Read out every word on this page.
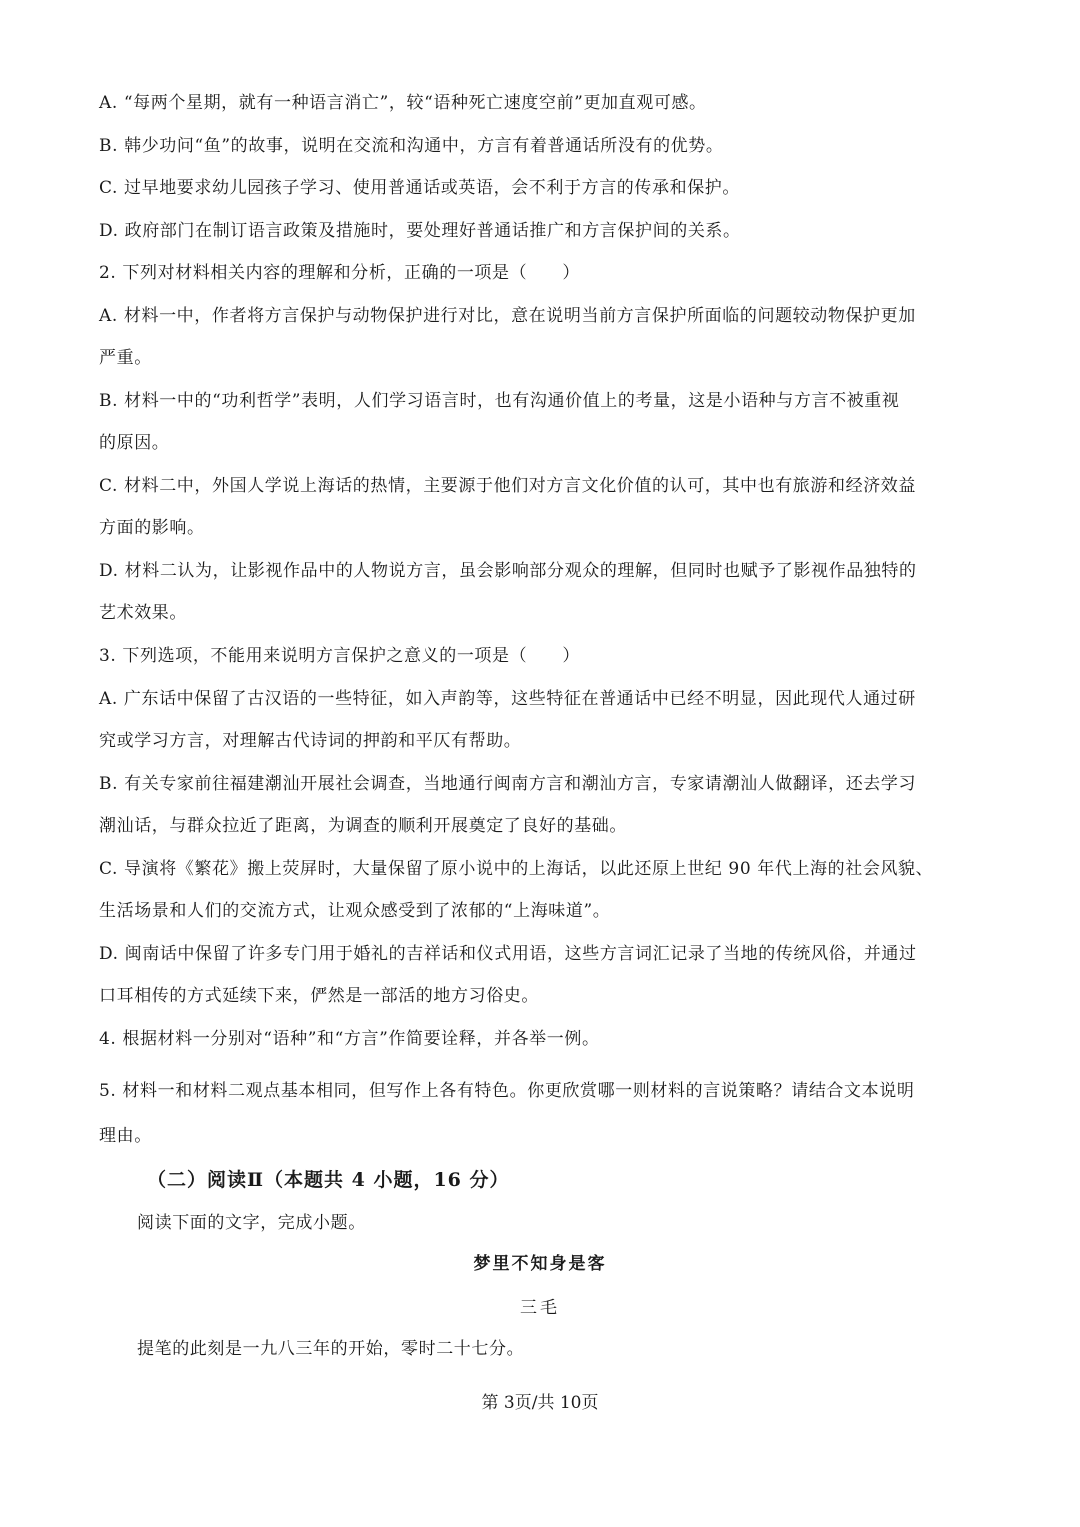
A. “每两个星期，就有一种语言消亡”，较“语种死亡速度空前”更加直观可感。
B. 韩少功问“鱼”的故事，说明在交流和沟通中，方言有着普通话所没有的优势。
C. 过早地要求幼儿园孩子学习、使用普通话或英语，会不利于方言的传承和保护。
D. 政府部门在制订语言政策及措施时，要处理好普通话推广和方言保护间的关系。
2. 下列对材料相关内容的理解和分析，正确的一项是（　　）
A. 材料一中，作者将方言保护与动物保护进行对比，意在说明当前方言保护所面临的问题较动物保护更加
严重。
B. 材料一中的“功利哲学”表明，人们学习语言时，也有沟通价值上的考量，这是小语种与方言不被重视
的原因。
C. 材料二中，外国人学说上海话的热情，主要源于他们对方言文化价值的认可，其中也有旅游和经济效益
方面的影响。
D. 材料二认为，让影视作品中的人物说方言，虽会影响部分观众的理解，但同时也赋予了影视作品独特的
艺术效果。
3. 下列选项，不能用来说明方言保护之意义的一项是（　　）
A. 广东话中保留了古汉语的一些特征，如入声韵等，这些特征在普通话中已经不明显，因此现代人通过研
究或学习方言，对理解古代诗词的押韵和平仄有帮助。
B. 有关专家前往福建潮汕开展社会调查，当地通行闽南方言和潮汕方言，专家请潮汕人做翻译，还去学习
潮汕话，与群众拉近了距离，为调查的顺利开展奠定了良好的基础。
C. 导演将《繁花》搬上荧屏时，大量保留了原小说中的上海话，以此还原上世纪 90 年代上海的社会风貌、
生活场景和人们的交流方式，让观众感受到了浓郁的“上海味道”。
D. 闽南话中保留了许多专门用于婚礼的吉祥话和仪式用语，这些方言词汇记录了当地的传统风俗，并通过
口耳相传的方式延续下来，俨然是一部活的地方习俗史。
4. 根据材料一分别对“语种”和“方言”作简要诠释，并各举一例。
5. 材料一和材料二观点基本相同，但写作上各有特色。你更欣赏哪一则材料的言说策略？请结合文本说明
理由。
（二）阅读Ⅱ（本题共 4 小题，16 分）
阅读下面的文字，完成小题。
梦里不知身是客
三毛
提笔的此刻是一九八三年的开始，零时二十七分。
第 3页/共 10页
